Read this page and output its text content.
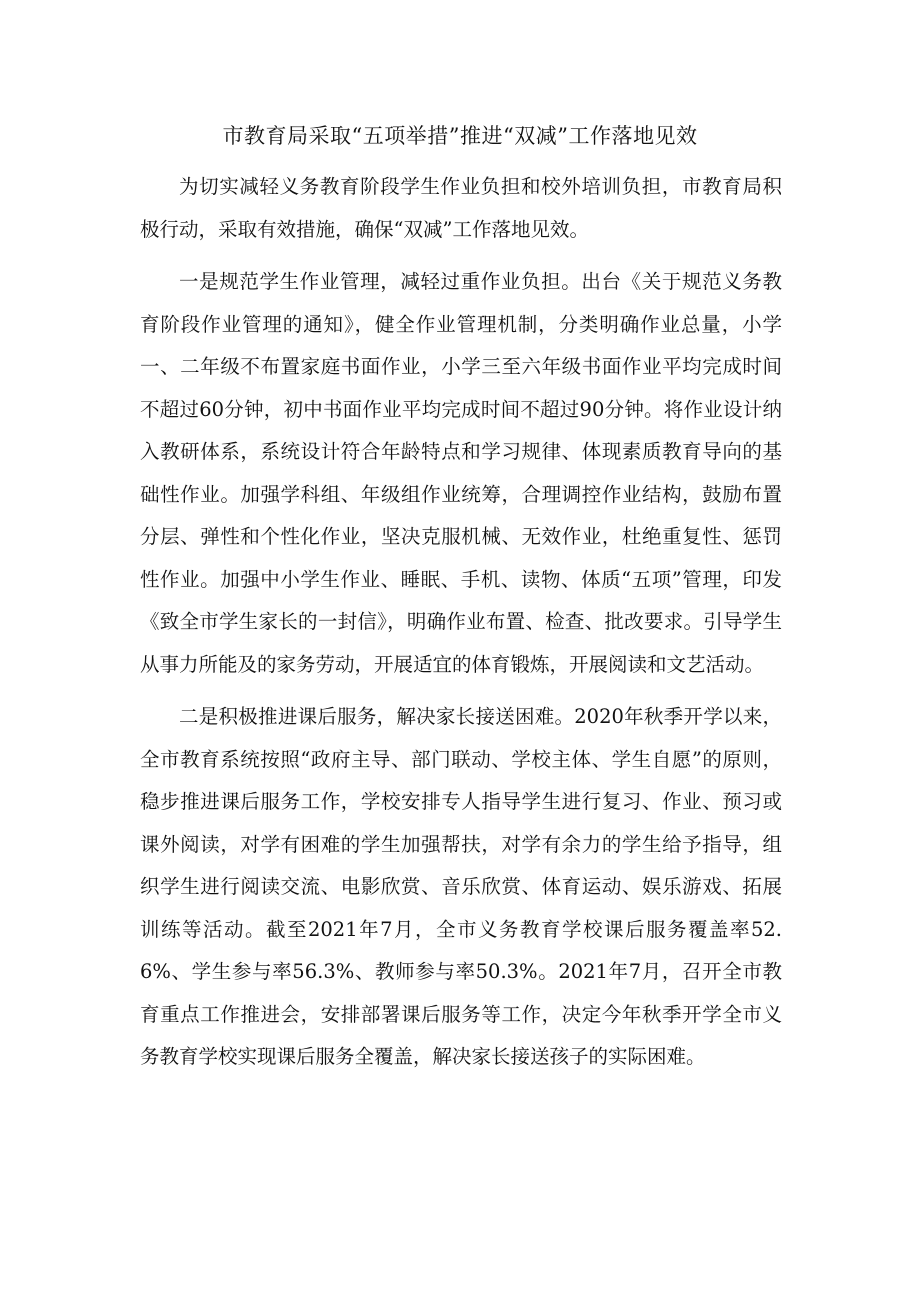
市教育局采取“五项举措”推进“双减”工作落地见效

为切实减轻义务教育阶段学生作业负担和校外培训负担，市教育局积极行动，采取有效措施，确保“双减”工作落地见效。

一是规范学生作业管理，减轻过重作业负担。出台《关于规范义务教育阶段作业管理的通知》，健全作业管理机制，分类明确作业总量，小学一、二年级不布置家庭书面作业，小学三至六年级书面作业平均完成时间不超过60分钟，初中书面作业平均完成时间不超过90分钟。将作业设计纳入教研体系，系统设计符合年龄特点和学习规律、体现素质教育导向的基础性作业。加强学科组、年级组作业统筹，合理调控作业结构，鼓励布置分层、弹性和个性化作业，坚决克服机械、无效作业，杜绝重复性、惩罚性作业。加强中小学生作业、睡眠、手机、读物、体质“五项”管理，印发《致全市学生家长的一封信》，明确作业布置、检查、批改要求。引导学生从事力所能及的家务劳动，开展适宜的体育锻炼，开展阅读和文艺活动。

二是积极推进课后服务，解决家长接送困难。2020年秋季开学以来，全市教育系统按照“政府主导、部门联动、学校主体、学生自愿”的原则，稳步推进课后服务工作，学校安排专人指导学生进行复习、作业、预习或课外阅读，对学有困难的学生加强帮扶，对学有余力的学生给予指导，组织学生进行阅读交流、电影欣赏、音乐欣赏、体育运动、娱乐游戏、拓展训练等活动。截至2021年7月，全市义务教育学校课后服务覆盖率52.6%、学生参与率56.3%、教师参与率50.3%。2021年7月，召开全市教育重点工作推进会，安排部署课后服务等工作，决定今年秋季开学全市义务教育学校实现课后服务全覆盖，解决家长接送孩子的实际困难。
